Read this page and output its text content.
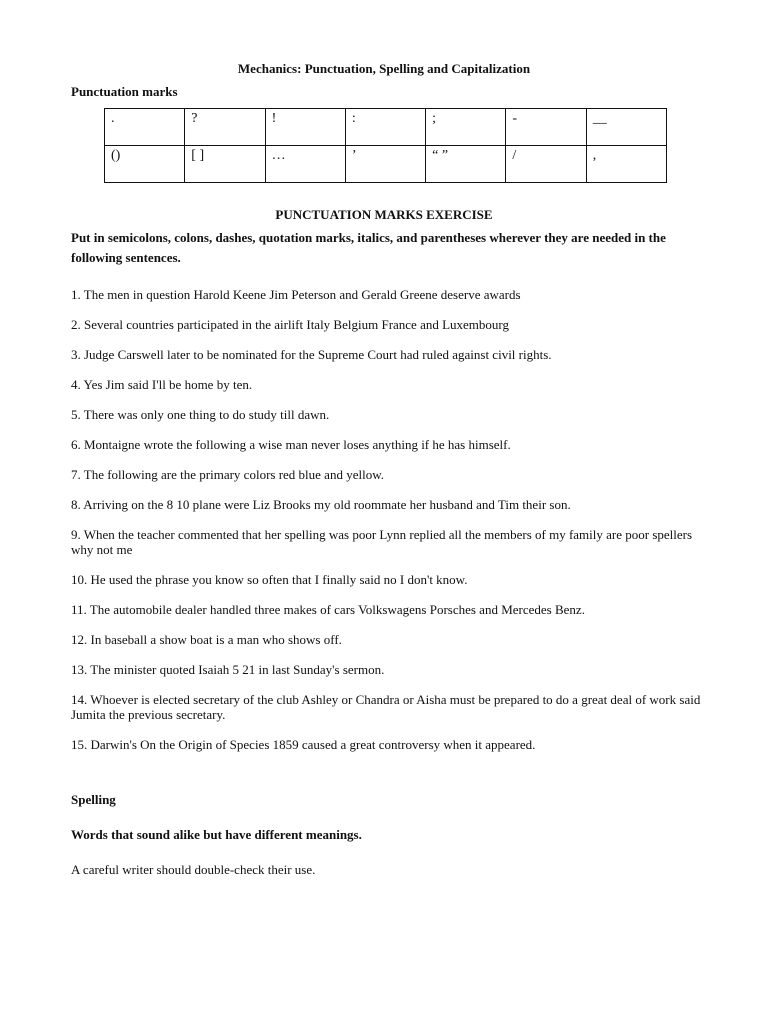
Mechanics: Punctuation, Spelling and Capitalization
Punctuation marks
.	?	!	:	;	-	__
()	[ ]	…	’	“ ”	/	,
PUNCTUATION MARKS EXERCISE
Put in semicolons, colons, dashes, quotation marks, italics, and parentheses wherever they are needed in the following sentences.
1. The men in question Harold Keene Jim Peterson and Gerald Greene deserve awards
2. Several countries participated in the airlift Italy Belgium France and Luxembourg
3. Judge Carswell later to be nominated for the Supreme Court had ruled against civil rights.
4. Yes Jim said I'll be home by ten.
5. There was only one thing to do study till dawn.
6. Montaigne wrote the following a wise man never loses anything if he has himself.
7. The following are the primary colors red blue and yellow.
8. Arriving on the 8 10 plane were Liz Brooks my old roommate her husband and Tim their son.
9. When the teacher commented that her spelling was poor Lynn replied all the members of my family are poor spellers why not me
10. He used the phrase you know so often that I finally said no I don't know.
11. The automobile dealer handled three makes of cars Volkswagens Porsches and Mercedes Benz.
12. In baseball a show boat is a man who shows off.
13. The minister quoted Isaiah 5 21 in last Sunday's sermon.
14. Whoever is elected secretary of the club Ashley or Chandra or Aisha must be prepared to do a great deal of work said Jumita the previous secretary.
15. Darwin's On the Origin of Species 1859 caused a great controversy when it appeared.
Spelling
Words that sound alike but have different meanings.
A careful writer should double-check their use.
